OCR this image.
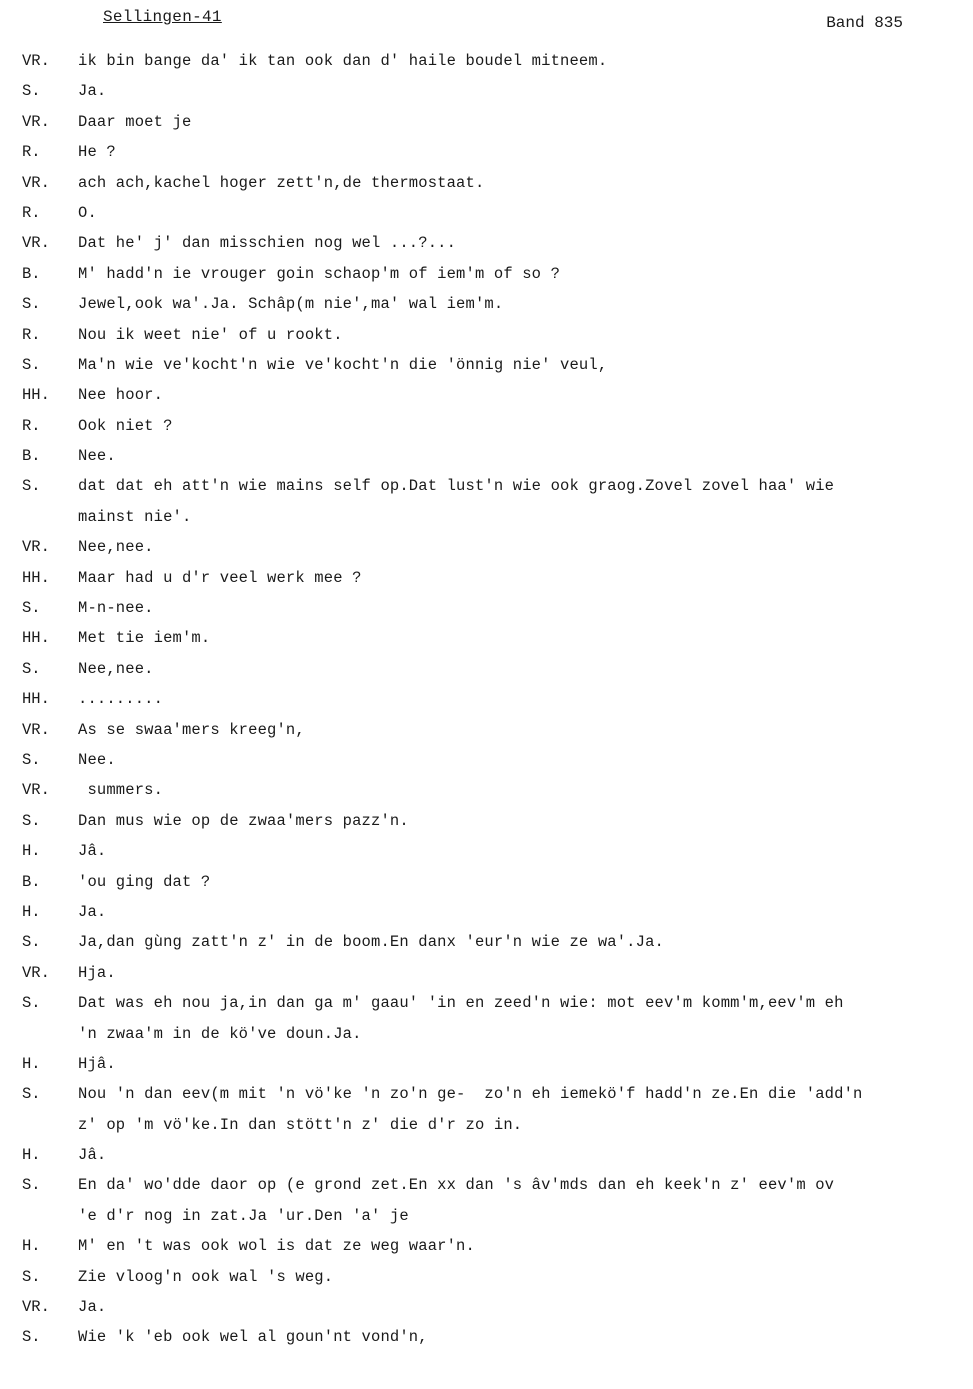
Sellingen-41	Band 835
VR.	ik bin bange da' ik tan ook dan d' haile boudel mitneem.
S.	Ja.
VR.	Daar moet je
R.	He ?
VR.	ach ach,kachel hoger zett'n,de thermostaat.
R.	O.
VR.	Dat he' j' dan misschien nog wel ...?...
B.	M' hadd'n ie vrouger goin schaop'm of iem'm of so ?
S.	Jewel,ook wa'.Ja. Schâp(m nie',ma' wal iem'm.
R.	Nou ik weet nie' of u rookt.
S.	Ma'n wie ve'kocht'n wie ve'kocht'n die 'önnig nie' veul,
HH.	Nee hoor.
R.	Ook niet ?
B.	Nee.
S.	dat dat eh att'n wie mains self op.Dat lust'n wie ook graog.Zovel zovel haa' wie
mainst nie'.
VR.	Nee,nee.
HH.	Maar had u d'r veel werk mee ?
S.	M-n-nee.
HH.	Met tie iem'm.
S.	Nee,nee.
HH.	.........
VR.	As se swaa'mers kreeg'n,
S.	Nee.
VR.	summers.
S.	Dan mus wie op de zwaa'mers pazz'n.
H.	Jâ.
B.	'ou ging dat ?
H.	Ja.
S.	Ja,dan gùng zatt'n z' in de boom.En danx 'eur'n wie ze wa'.Ja.
VR.	Hja.
S.	Dat was eh nou ja,in dan ga m' gaau' 'in en zeed'n wie: mot eev'm komm'm,eev'm eh
'n zwaa'm in de kö've doun.Ja.
H.	Hjâ.
S.	Nou 'n dan eev(m mit 'n vö'ke 'n zo'n ge-  zo'n eh iemekö'f hadd'n ze.En die 'add'n
z' op 'm vö'ke.In dan stött'n z' die d'r zo in.
H.	Jâ.
S.	En da' wo'dde daor op (e grond zet.En xx dan 's âv'mds dan eh keek'n z' eev'm ov
'e d'r nog in zat.Ja 'ur.Den 'a' je
H.	M' en 't was ook wol is dat ze weg waar'n.
S.	Zie vloog'n ook wal 's weg.
VR.	Ja.
S.	Wie 'k 'eb ook wel al goun'nt vond'n,
